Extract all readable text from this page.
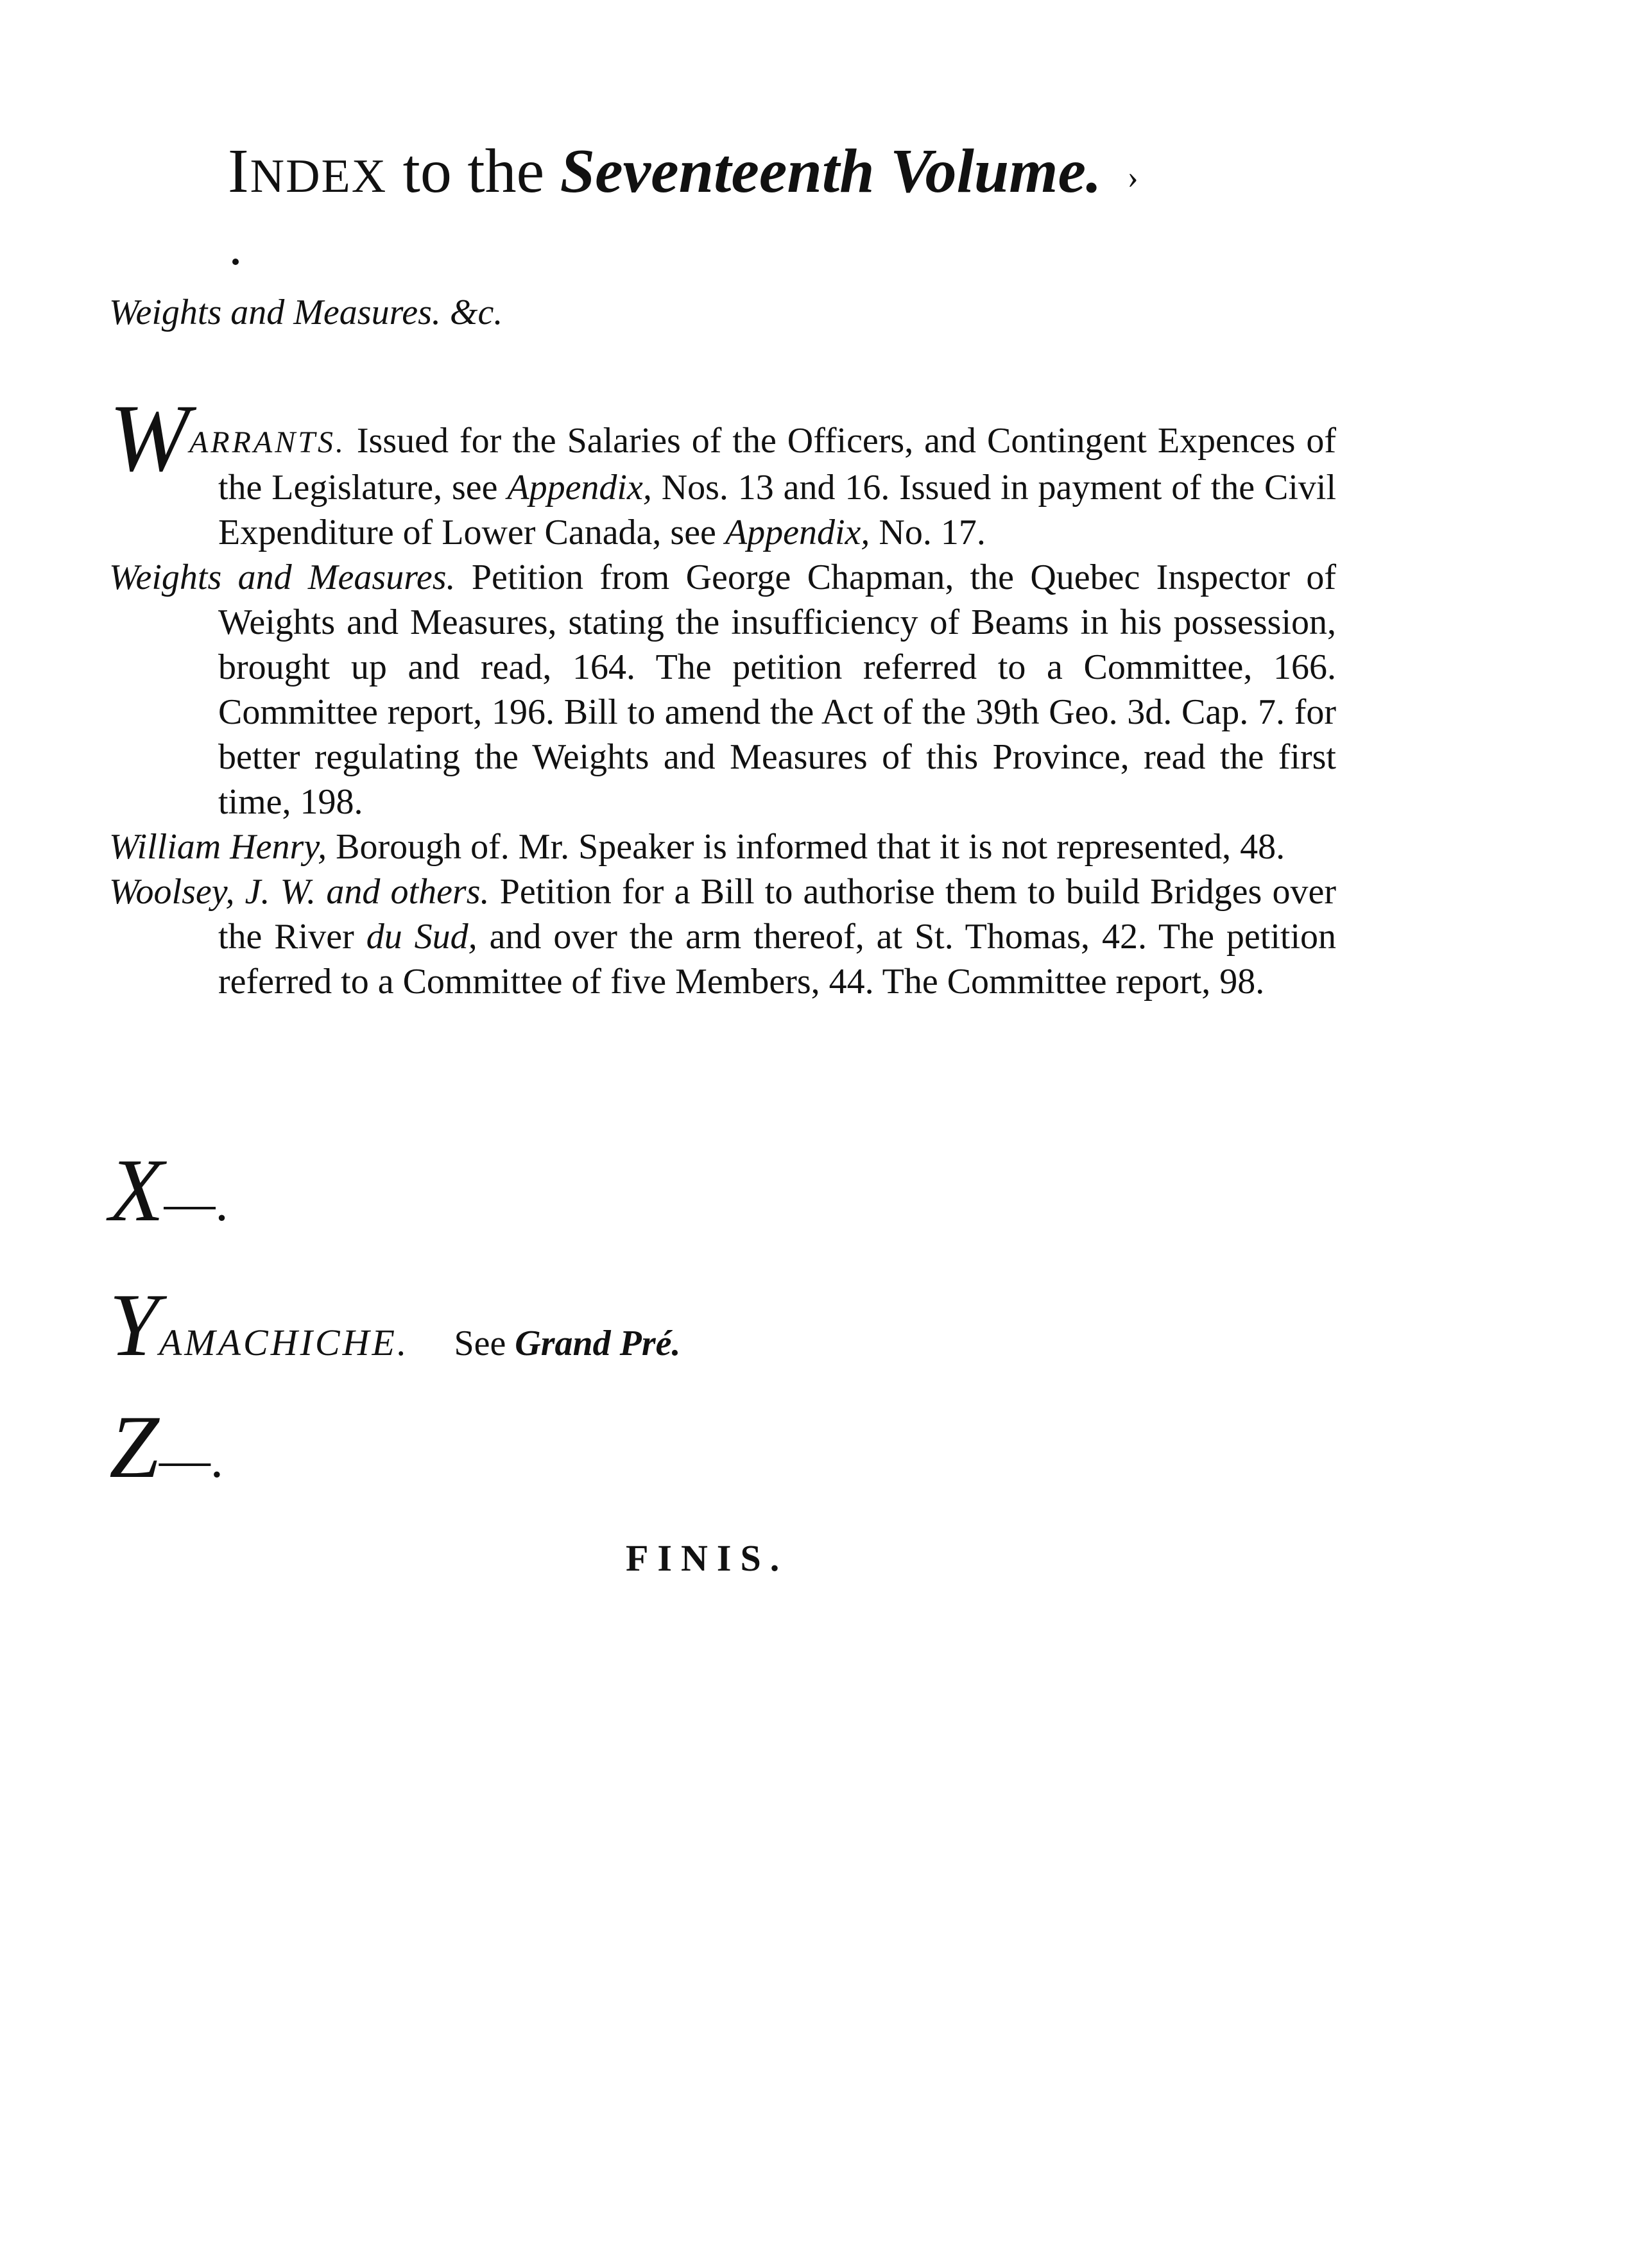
INDEX to the Seventeenth Volume. ›
Weights and Measures. &c.

WARRANTS. Issued for the Salaries of the Officers, and Contingent Expences of the Legislature, see Appendix, Nos. 13 and 16. Issued in payment of the Civil Expenditure of Lower Canada, see Appendix, No. 17.

Weights and Measures. Petition from George Chapman, the Quebec Inspector of Weights and Measures, stating the insufficiency of Beams in his possession, brought up and read, 164. The petition referred to a Committee, 166. Committee report, 196. Bill to amend the Act of the 39th Geo. 3d. Cap. 7. for better regulating the Weights and Measures of this Province, read the first time, 198.

William Henry, Borough of. Mr. Speaker is informed that it is not represented, 48.

Woolsey, J. W. and others. Petition for a Bill to authorise them to build Bridges over the River du Sud, and over the arm thereof, at St. Thomas, 42. The petition referred to a Committee of five Members, 44. The Committee report, 98.

X—.
YAMACHICHE. See Grand Pré.
Z—.
FINIS.
